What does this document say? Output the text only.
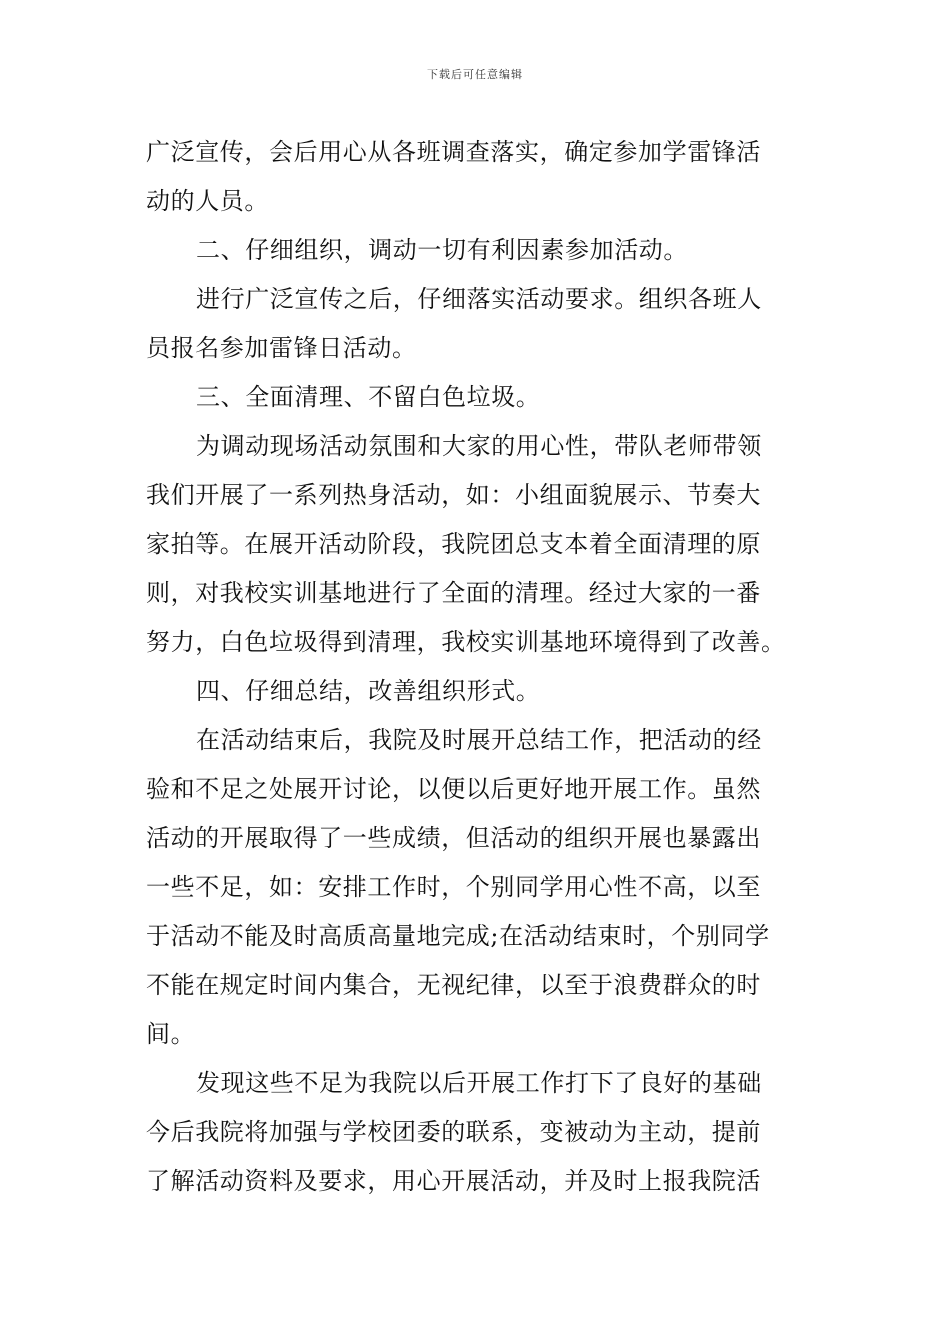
下载后可任意编辑
广泛宣传，会后用心从各班调查落实，确定参加学雷锋活
动的人员。
二、仔细组织，调动一切有利因素参加活动。
进行广泛宣传之后，仔细落实活动要求。组织各班人
员报名参加雷锋日活动。
三、全面清理、不留白色垃圾。
为调动现场活动氛围和大家的用心性，带队老师带领
我们开展了一系列热身活动，如：小组面貌展示、节奏大
家拍等。在展开活动阶段，我院团总支本着全面清理的原
则，对我校实训基地进行了全面的清理。经过大家的一番
努力，白色垃圾得到清理，我校实训基地环境得到了改善。
四、仔细总结，改善组织形式。
在活动结束后，我院及时展开总结工作，把活动的经
验和不足之处展开讨论，以便以后更好地开展工作。虽然
活动的开展取得了一些成绩，但活动的组织开展也暴露出
一些不足，如：安排工作时，个别同学用心性不高，以至
于活动不能及时高质高量地完成;在活动结束时，个别同学
不能在规定时间内集合，无视纪律，以至于浪费群众的时
间。
发现这些不足为我院以后开展工作打下了良好的基础
今后我院将加强与学校团委的联系，变被动为主动，提前
了解活动资料及要求，用心开展活动，并及时上报我院活
